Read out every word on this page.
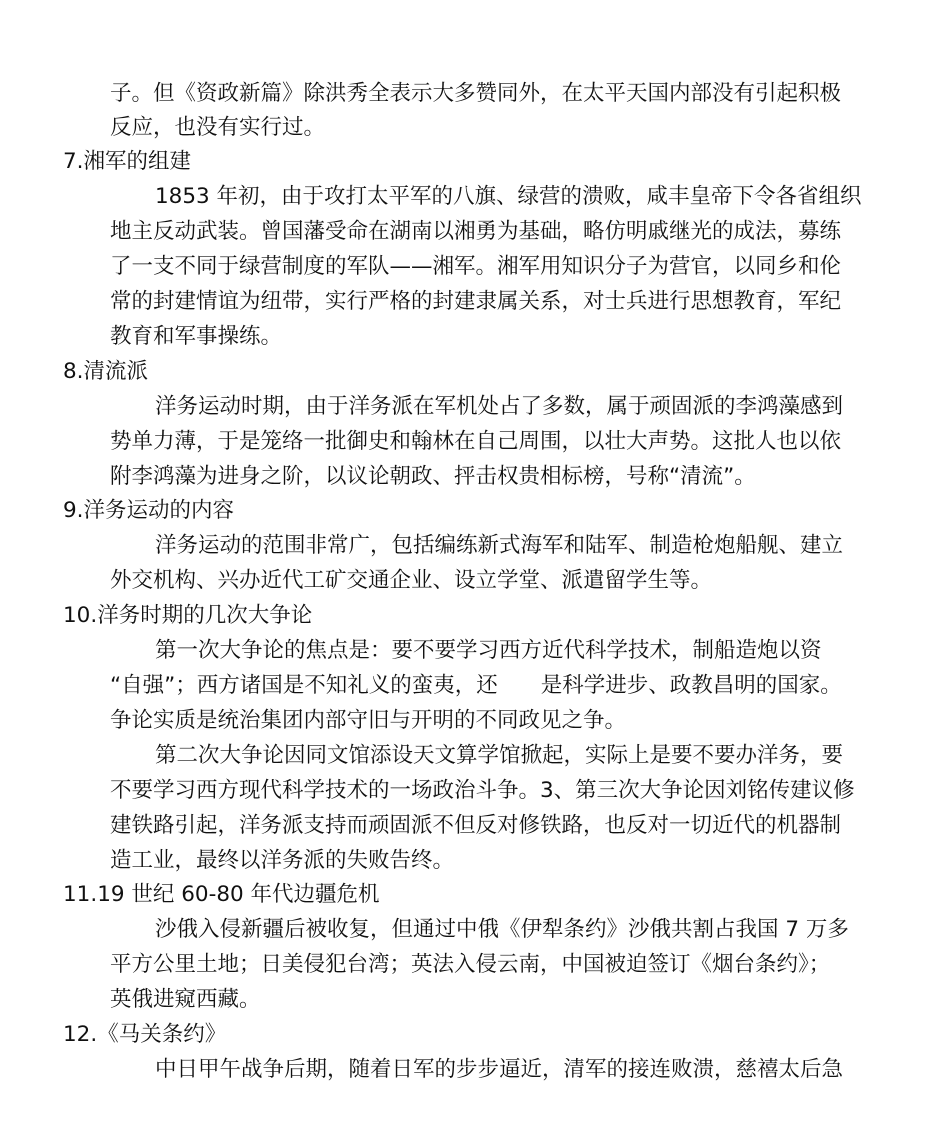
子。但《资政新篇》除洪秀全表示大多赞同外，在太平天国内部没有引起积极
反应，也没有实行过。
7.湘军的组建
1853 年初，由于攻打太平军的八旗、绿营的溃败，咸丰皇帝下令各省组织
地主反动武装。曾国藩受命在湖南以湘勇为基础，略仿明戚继光的成法，募练
了一支不同于绿营制度的军队——湘军。湘军用知识分子为营官，以同乡和伦
常的封建情谊为纽带，实行严格的封建隶属关系，对士兵进行思想教育，军纪
教育和军事操练。
8.清流派
洋务运动时期，由于洋务派在军机处占了多数，属于顽固派的李鸿藻感到
势单力薄，于是笼络一批御史和翰林在自己周围，以壮大声势。这批人也以依
附李鸿藻为进身之阶，以议论朝政、抨击权贵相标榜，号称“清流”。
9.洋务运动的内容
洋务运动的范围非常广，包括编练新式海军和陆军、制造枪炮船舰、建立
外交机构、兴办近代工矿交通企业、设立学堂、派遣留学生等。
10.洋务时期的几次大争论
第一次大争论的焦点是：要不要学习西方近代科学技术，制船造炮以资
“自强”；西方诸国是不知礼义的蛮夷，还　　是科学进步、政教昌明的国家。
争论实质是统治集团内部守旧与开明的不同政见之争。
第二次大争论因同文馆添设天文算学馆掀起，实际上是要不要办洋务，要
不要学习西方现代科学技术的一场政治斗争。3、第三次大争论因刘铭传建议修
建铁路引起，洋务派支持而顽固派不但反对修铁路，也反对一切近代的机器制
造工业，最终以洋务派的失败告终。
11.19 世纪 60-80 年代边疆危机
沙俄入侵新疆后被收复，但通过中俄《伊犁条约》沙俄共割占我国 7 万多
平方公里土地；日美侵犯台湾；英法入侵云南，中国被迫签订《烟台条约》；
英俄进窥西藏。
12.《马关条约》
中日甲午战争后期，随着日军的步步逼近，清军的接连败溃，慈禧太后急
